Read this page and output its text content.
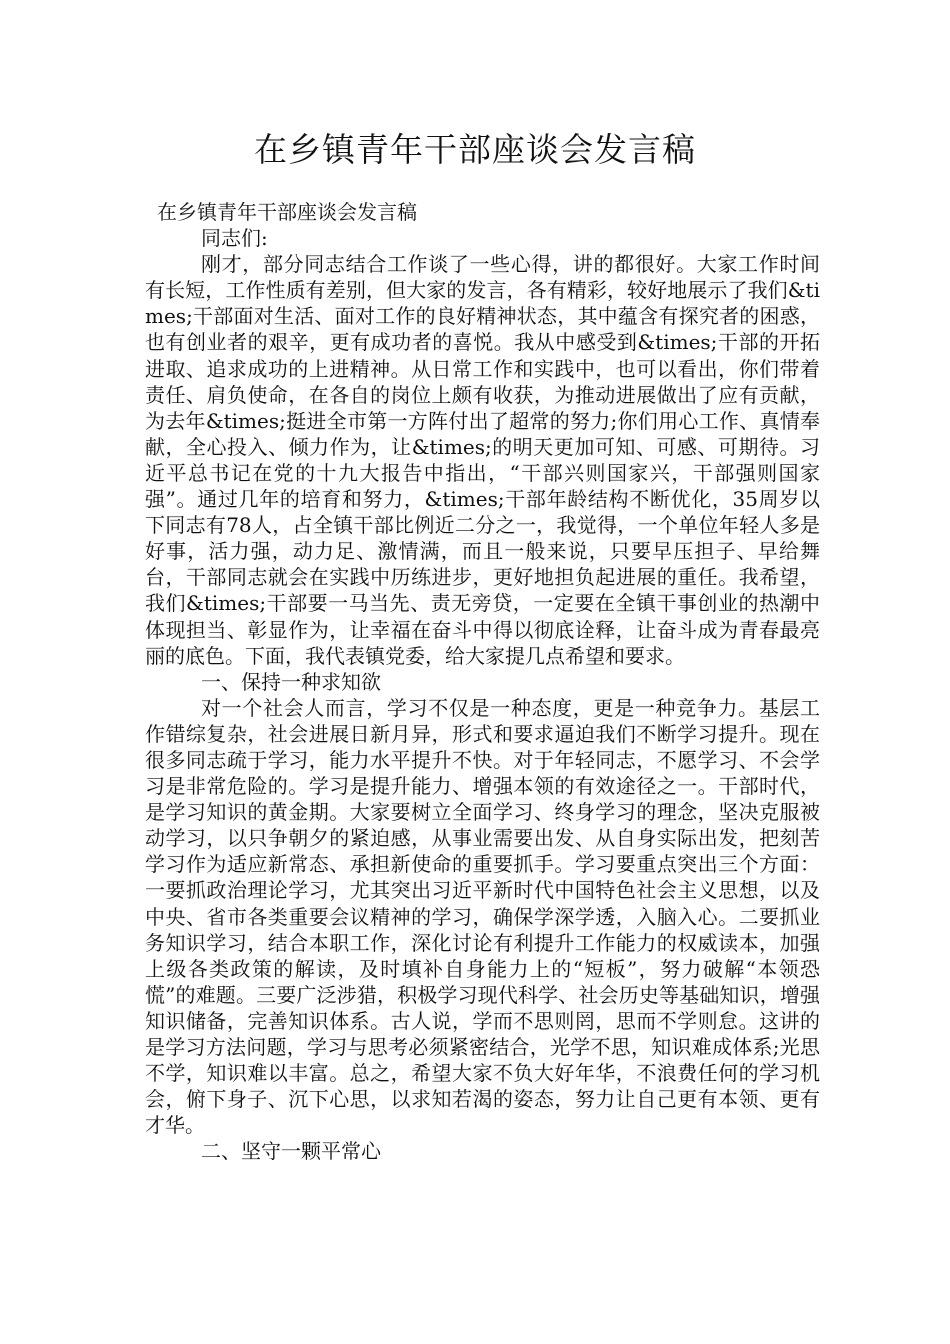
在乡镇青年干部座谈会发言稿

在乡镇青年干部座谈会发言稿

同志们:

刚才，部分同志结合工作谈了一些心得，讲的都很好。大家工作时间有长短，工作性质有差别，但大家的发言，各有精彩，较好地展示了我们&times;干部面对生活、面对工作的良好精神状态，其中蕴含有探究者的困惑，也有创业者的艰辛，更有成功者的喜悦。我从中感受到&times;干部的开拓进取、追求成功的上进精神。从日常工作和实践中，也可以看出，你们带着责任、肩负使命，在各自的岗位上颇有收获，为推动进展做出了应有贡献，为去年&times;挺进全市第一方阵付出了超常的努力;你们用心工作、真情奉献，全心投入、倾力作为，让&times;的明天更加可知、可感、可期待。习近平总书记在党的十九大报告中指出，“干部兴则国家兴，干部强则国家强”。通过几年的培育和努力，&times;干部年龄结构不断优化，35周岁以下同志有78人，占全镇干部比例近二分之一，我觉得，一个单位年轻人多是好事，活力强，动力足、激情满，而且一般来说，只要早压担子、早给舞台，干部同志就会在实践中历练进步，更好地担负起进展的重任。我希望，我们&times;干部要一马当先、责无旁贷，一定要在全镇干事创业的热潮中体现担当、彰显作为，让幸福在奋斗中得以彻底诠释，让奋斗成为青春最亮丽的底色。下面，我代表镇党委，给大家提几点希望和要求。

一、保持一种求知欲

对一个社会人而言，学习不仅是一种态度，更是一种竞争力。基层工作错综复杂，社会进展日新月异，形式和要求逼迫我们不断学习提升。现在很多同志疏于学习，能力水平提升不快。对于年轻同志，不愿学习、不会学习是非常危险的。学习是提升能力、增强本领的有效途径之一。干部时代，是学习知识的黄金期。大家要树立全面学习、终身学习的理念，坚决克服被动学习，以只争朝夕的紧迫感，从事业需要出发、从自身实际出发，把刻苦学习作为适应新常态、承担新使命的重要抓手。学习要重点突出三个方面：一要抓政治理论学习，尤其突出习近平新时代中国特色社会主义思想，以及中央、省市各类重要会议精神的学习，确保学深学透，入脑入心。二要抓业务知识学习，结合本职工作，深化讨论有利提升工作能力的权威读本，加强上级各类政策的解读，及时填补自身能力上的“短板”，努力破解“本领恐慌”的难题。三要广泛涉猎，积极学习现代科学、社会历史等基础知识，增强知识储备，完善知识体系。古人说，学而不思则罔，思而不学则怠。这讲的是学习方法问题，学习与思考必须紧密结合，光学不思，知识难成体系;光思不学，知识难以丰富。总之，希望大家不负大好年华，不浪费任何的学习机会，俯下身子、沉下心思，以求知若渴的姿态，努力让自己更有本领、更有才华。

二、坚守一颗平常心
